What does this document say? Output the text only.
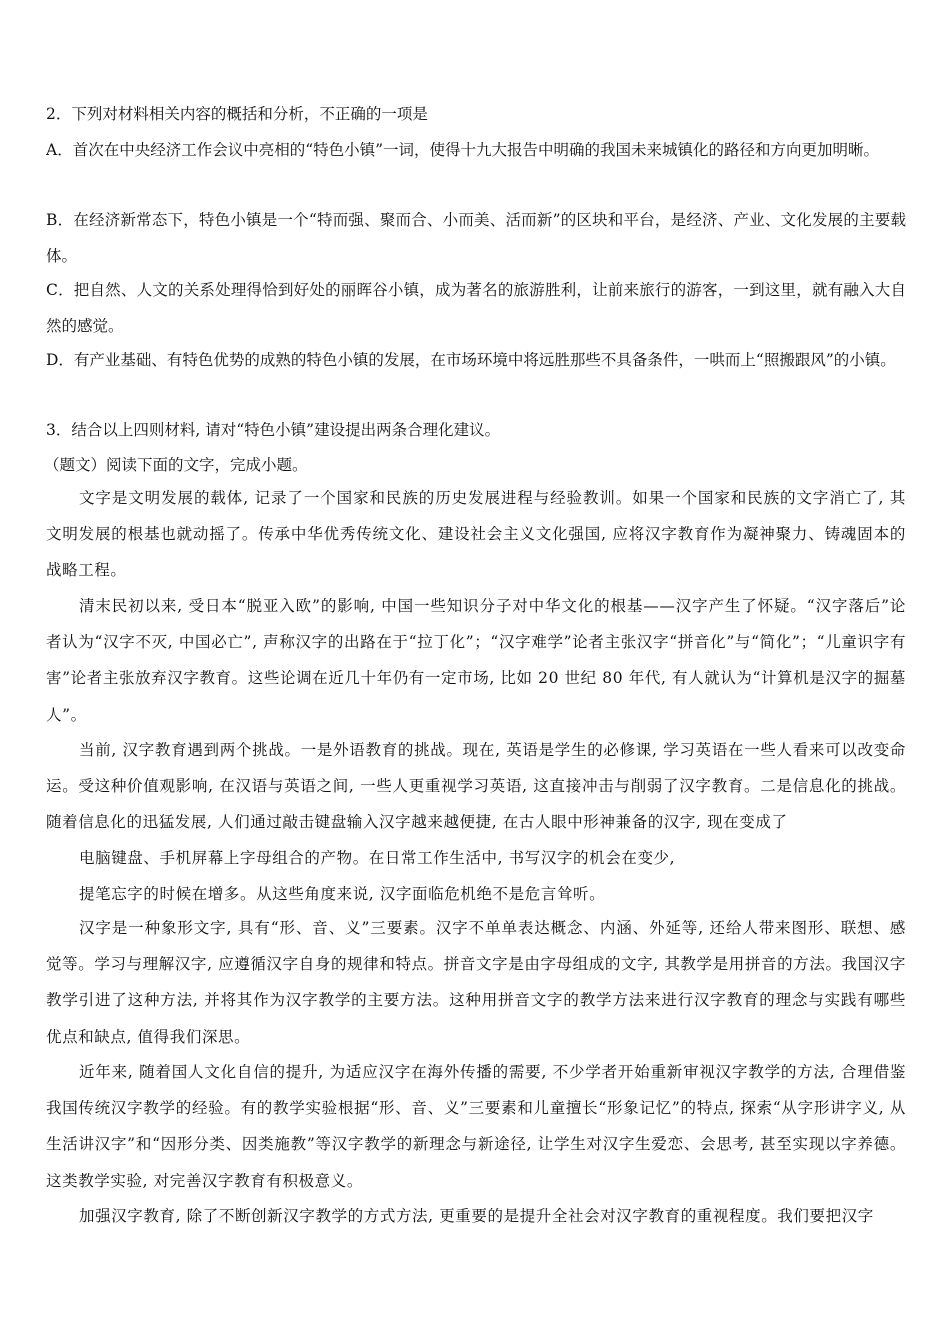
2．下列对材料相关内容的概括和分析，不正确的一项是
A．首次在中央经济工作会议中亮相的“特色小镇”一词，使得十九大报告中明确的我国未来城镇化的路径和方向更加明晰。
B．在经济新常态下，特色小镇是一个“特而强、聚而合、小而美、活而新”的区块和平台，是经济、产业、文化发展的主要载体。
C．把自然、人文的关系处理得恰到好处的丽晖谷小镇，成为著名的旅游胜利，让前来旅行的游客，一到这里，就有融入大自然的感觉。
D．有产业基础、有特色优势的成熟的特色小镇的发展，在市场环境中将远胜那些不具备条件，一哄而上“照搬跟风”的小镇。
3．结合以上四则材料, 请对“特色小镇”建设提出两条合理化建议。
（题文）阅读下面的文字，完成小题。
文字是文明发展的载体, 记录了一个国家和民族的历史发展进程与经验教训。如果一个国家和民族的文字消亡了, 其文明发展的根基也就动摇了。传承中华优秀传统文化、建设社会主义文化强国, 应将汉字教育作为凝神聚力、铸魂固本的战略工程。
清末民初以来, 受日本“脱亚入欧”的影响, 中国一些知识分子对中华文化的根基——汉字产生了怀疑。“汉字落后”论者认为“汉字不灭, 中国必亡”, 声称汉字的出路在于“拉丁化”；“汉字难学”论者主张汉字“拼音化”与“简化”；“儿童识字有害”论者主张放弃汉字教育。这些论调在近几十年仍有一定市场, 比如 20 世纪 80 年代, 有人就认为“计算机是汉字的掘墓人”。
当前, 汉字教育遇到两个挑战。一是外语教育的挑战。现在, 英语是学生的必修课, 学习英语在一些人看来可以改变命运。受这种价值观影响, 在汉语与英语之间, 一些人更重视学习英语, 这直接冲击与削弱了汉字教育。二是信息化的挑战。随着信息化的迅猛发展, 人们通过敲击键盘输入汉字越来越便捷, 在古人眼中形神兼备的汉字, 现在变成了
电脑键盘、手机屏幕上字母组合的产物。在日常工作生活中, 书写汉字的机会在变少,
提笔忘字的时候在增多。从这些角度来说, 汉字面临危机绝不是危言耸听。
汉字是一种象形文字, 具有“形、音、义”三要素。汉字不单单表达概念、内涵、外延等, 还给人带来图形、联想、感觉等。学习与理解汉字, 应遵循汉字自身的规律和特点。拼音文字是由字母组成的文字, 其教学是用拼音的方法。我国汉字教学引进了这种方法, 并将其作为汉字教学的主要方法。这种用拼音文字的教学方法来进行汉字教育的理念与实践有哪些优点和缺点, 值得我们深思。
近年来, 随着国人文化自信的提升, 为适应汉字在海外传播的需要, 不少学者开始重新审视汉字教学的方法, 合理借鉴我国传统汉字教学的经验。有的教学实验根据“形、音、义”三要素和儿童擅长“形象记忆”的特点, 探索“从字形讲字义, 从生活讲汉字”和“因形分类、因类施教”等汉字教学的新理念与新途径, 让学生对汉字生爱恋、会思考, 甚至实现以字养德。这类教学实验, 对完善汉字教育有积极意义。
加强汉字教育, 除了不断创新汉字教学的方式方法, 更重要的是提升全社会对汉字教育的重视程度。我们要把汉字
